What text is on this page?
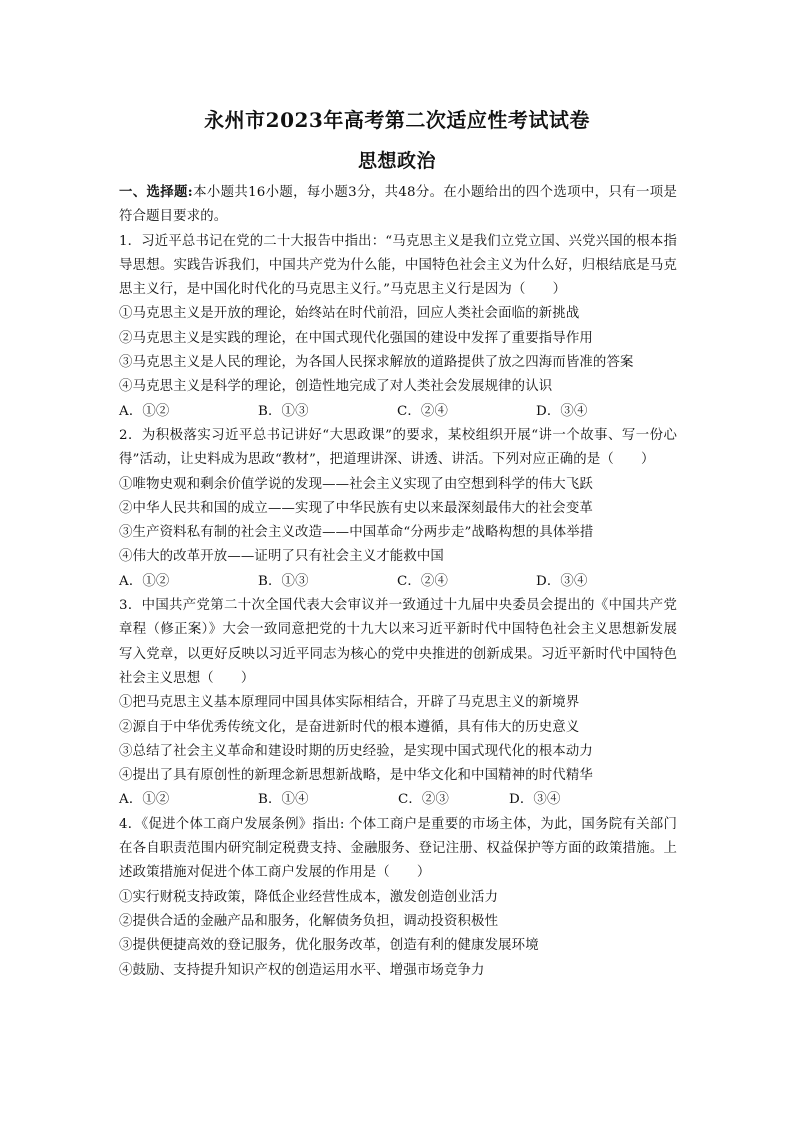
永州市2023年高考第二次适应性考试试卷
思想政治

一、选择题:本小题共16小题，每小题3分，共48分。在小题给出的四个选项中，只有一项是符合题目要求的。

1．习近平总书记在党的二十大报告中指出：“马克思主义是我们立党立国、兴党兴国的根本指导思想。实践告诉我们，中国共产党为什么能，中国特色社会主义为什么好，归根结底是马克思主义行，是中国化时代化的马克思主义行。”马克思主义行是因为（　　）

①马克思主义是开放的理论，始终站在时代前沿，回应人类社会面临的新挑战

②马克思主义是实践的理论，在中国式现代化强国的建设中发挥了重要指导作用

③马克思主义是人民的理论，为各国人民探求解放的道路提供了放之四海而皆准的答案

④马克思主义是科学的理论，创造性地完成了对人类社会发展规律的认识

A．①②	B．①③	C．②④	D．③④

2．为积极落实习近平总书记讲好“大思政课”的要求，某校组织开展“讲一个故事、写一份心得”活动，让史料成为思政“教材”，把道理讲深、讲透、讲活。下列对应正确的是（　　）

①唯物史观和剩余价值学说的发现——社会主义实现了由空想到科学的伟大飞跃

②中华人民共和国的成立——实现了中华民族有史以来最深刻最伟大的社会变革

③生产资料私有制的社会主义改造——中国革命“分两步走”战略构想的具体举措

④伟大的改革开放——证明了只有社会主义才能救中国

A．①②	B．①③	C．②④	D．③④

3．中国共产党第二十次全国代表大会审议并一致通过十九届中央委员会提出的《中国共产党章程（修正案）》大会一致同意把党的十九大以来习近平新时代中国特色社会主义思想新发展写入党章，以更好反映以习近平同志为核心的党中央推进的创新成果。习近平新时代中国特色社会主义思想（　　）

①把马克思主义基本原理同中国具体实际相结合，开辟了马克思主义的新境界

②源自于中华优秀传统文化，是奋进新时代的根本遵循，具有伟大的历史意义

③总结了社会主义革命和建设时期的历史经验，是实现中国式现代化的根本动力

④提出了具有原创性的新理念新思想新战略，是中华文化和中国精神的时代精华

A．①②	B．①④	C．②③	D．③④

4．《促进个体工商户发展条例》指出: 个体工商户是重要的市场主体，为此，国务院有关部门在各自职责范围内研究制定税费支持、金融服务、登记注册、权益保护等方面的政策措施。上述政策措施对促进个体工商户发展的作用是（　　）

①实行财税支持政策，降低企业经营性成本，激发创造创业活力

②提供合适的金融产品和服务，化解债务负担，调动投资积极性

③提供便捷高效的登记服务，优化服务改革，创造有利的健康发展环境

④鼓励、支持提升知识产权的创造运用水平、增强市场竞争力
